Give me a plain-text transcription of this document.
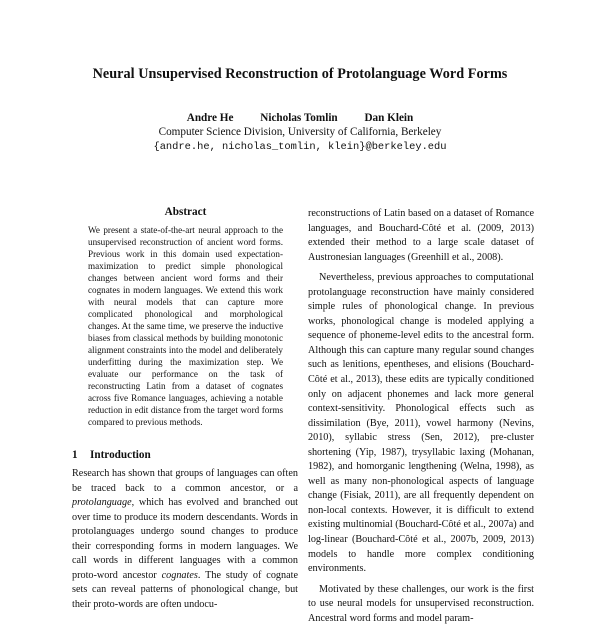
Neural Unsupervised Reconstruction of Protolanguage Word Forms
Andre He Nicholas Tomlin Dan Klein
Computer Science Division, University of California, Berkeley
{andre.he, nicholas_tomlin, klein}@berkeley.edu
Abstract
We present a state-of-the-art neural approach to the unsupervised reconstruction of ancient word forms. Previous work in this domain used expectation-maximization to predict simple phonological changes between ancient word forms and their cognates in modern languages. We extend this work with neural models that can capture more complicated phonological and morphological changes. At the same time, we preserve the inductive biases from classical methods by building monotonic alignment constraints into the model and deliberately underfitting during the maximization step. We evaluate our performance on the task of reconstructing Latin from a dataset of cognates across five Romance languages, achieving a notable reduction in edit distance from the target word forms compared to previous methods.
1 Introduction

Research has shown that groups of languages can often be traced back to a common ancestor, or a protolanguage, which has evolved and branched out over time to produce its modern descendants. Words in protolanguages undergo sound changes to produce their corresponding forms in modern languages. We call words in different languages with a common proto-word ancestor cognates. The study of cognate sets can reveal patterns of phonological change, but their proto-words are often undocu-

reconstructions of Latin based on a dataset of Romance languages, and Bouchard-Côté et al. (2009, 2013) extended their method to a large scale dataset of Austronesian languages (Greenhill et al., 2008).

Nevertheless, previous approaches to computational protolanguage reconstruction have mainly considered simple rules of phonological change. In previous works, phonological change is modeled applying a sequence of phoneme-level edits to the ancestral form. Although this can capture many regular sound changes such as lenitions, epentheses, and elisions (Bouchard-Côté et al., 2013), these edits are typically conditioned only on adjacent phonemes and lack more general context-sensitivity. Phonological effects such as dissimilation (Bye, 2011), vowel harmony (Nevins, 2010), syllabic stress (Sen, 2012), pre-cluster shortening (Yip, 1987), trysyllabic laxing (Mohanan, 1982), and homorganic lengthening (Welna, 1998), as well as many non-phonological aspects of language change (Fisiak, 2011), are all frequently dependent on non-local contexts. However, it is difficult to extend existing multinomial (Bouchard-Côté et al., 2007a) and log-linear (Bouchard-Côté et al., 2007b, 2009, 2013) models to handle more complex conditioning environments.

Motivated by these challenges, our work is the first to use neural models for unsupervised reconstruction. Ancestral word forms and model param-
